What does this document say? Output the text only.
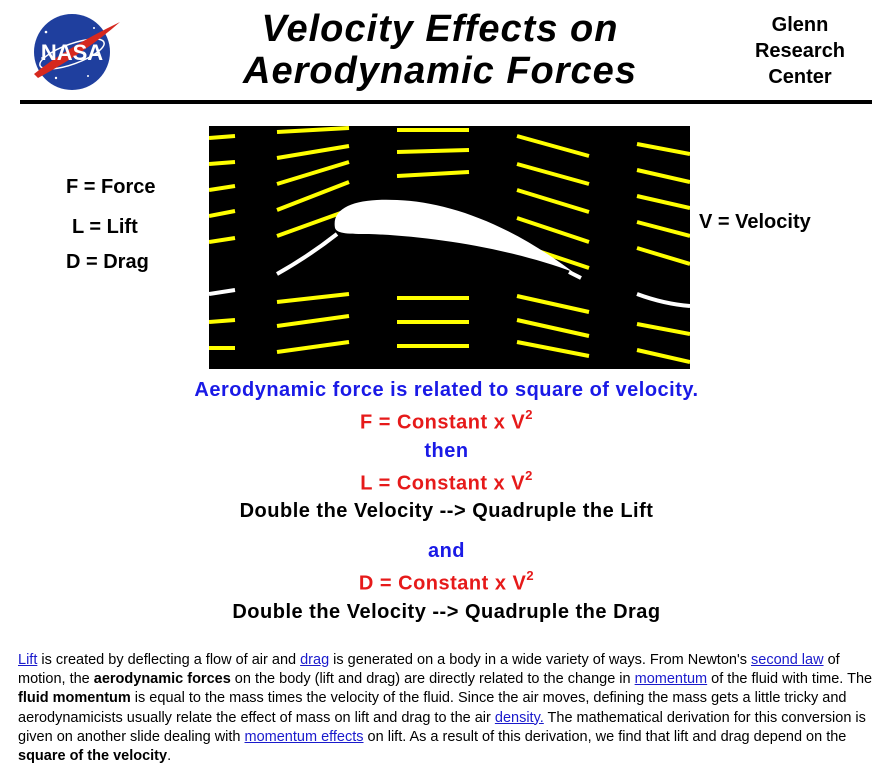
NASA
Velocity Effects on
Aerodynamic Forces
Glenn
Research
Center
F = Force
L = Lift
D = Drag
V = Velocity
Aerodynamic force is related to square of velocity.
F = Constant x $V^2$
then
L = Constant x $V^2$
Double the Velocity --> Quadruple the Lift
and
D = Constant x $V^2$
Double the Velocity --> Quadruple the Drag
Lift is created by deflecting a flow of air and drag is generated on a body in a wide variety of ways. From Newton's second law of motion, the aerodynamic forces on the body (lift and drag) are directly related to the change in momentum of the fluid with time. The fluid momentum is equal to the mass times the velocity of the fluid. Since the air moves, defining the mass gets a little tricky and aerodynamicists usually relate the effect of mass on lift and drag to the air density. The mathematical derivation for this conversion is given on another slide dealing with momentum effects on lift. As a result of this derivation, we find that lift and drag depend on the square of the velocity.
